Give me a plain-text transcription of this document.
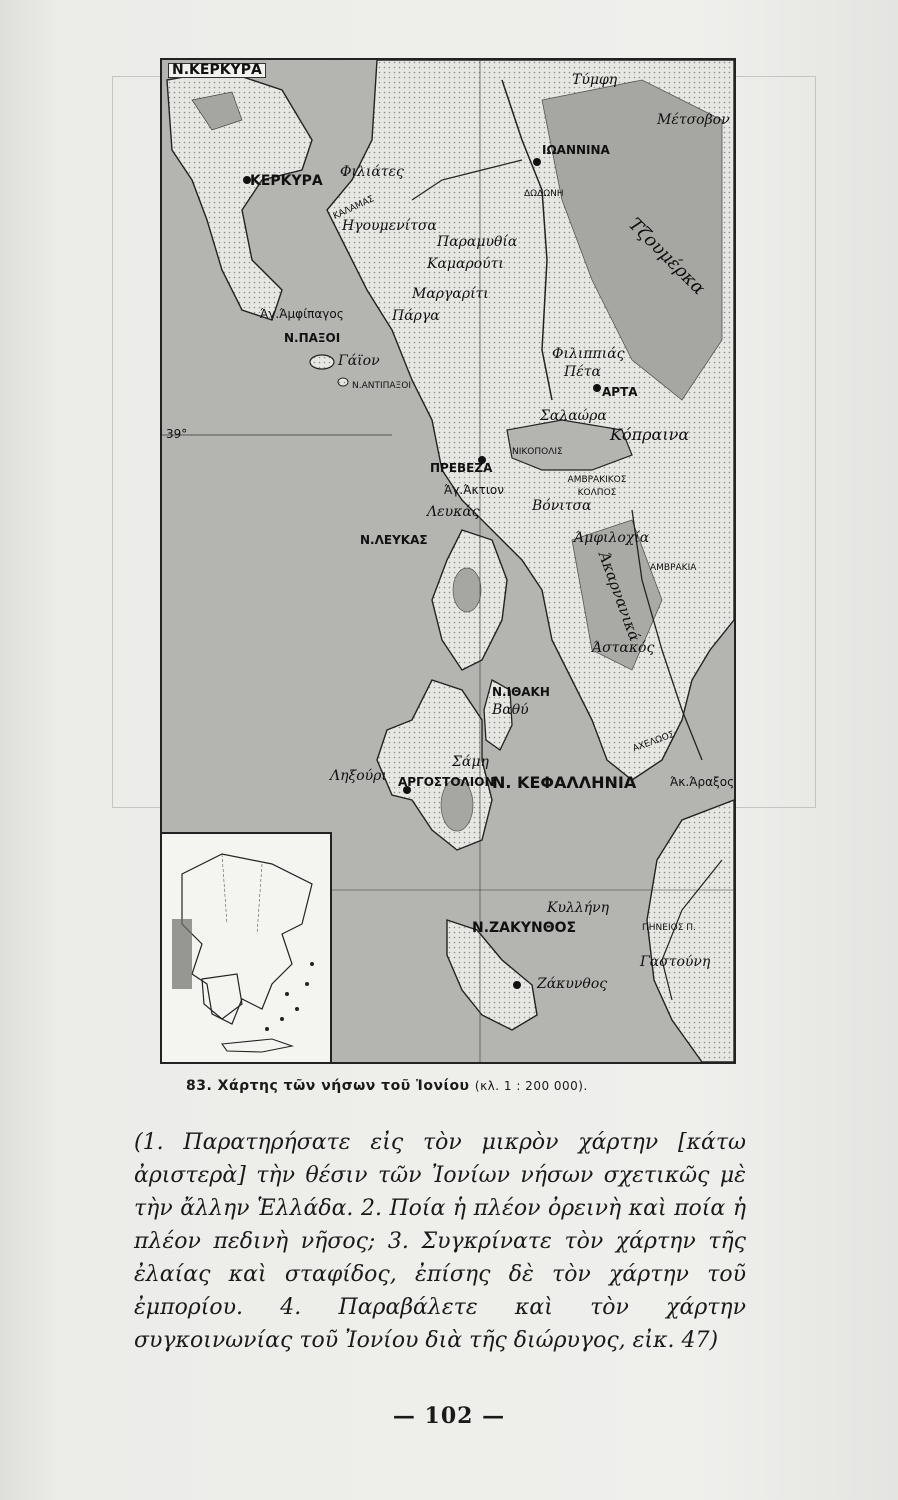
Ν.ΚΕΡΚΥΡΑ
ΚΕΡΚΥΡΑ
Φιλιάτες
ΚΑΛΑΜΑΣ
Ηγουμενίτσα
Παραμυθία
Καμαρούτι
Μαργαρίτι
Πάργα
Άγ.Άμφίπαγος
Ν.ΠΑΞΟΙ
Γάϊον
Ν.ΑΝΤΙΠΑΞΟΙ
ΙΩΑΝΝΙΝΑ
Τύμφη
Μέτσοβον
ΔΩΔΩΝΗ
Τζουμέρκα
Φιλιππιάς
Πέτα
ΑΡΤΑ
Σαλαώρα
Κόπραινα
ΝΙΚΟΠΟΛΙΣ
ΠΡΕΒΕΖΑ
ΑΜΒΡΑΚΙΚΟΣ ΚΟΛΠΟΣ
Άγ.Άκτιον
Βόνιτσα
Λευκάς
Ν.ΛΕΥΚΑΣ	Άμφιλοχία
Άκαρνανικά ΑΜΒΡΑΚΙΑ
Άστακός
Ν.ΙΘΑΚΗ
Βαθύ
Σάμη
Ληξούρι ΑΡΓΟΣΤΟΛΙΟΝ
Ν. ΚΕΦΑΛΛΗΝΙΑ
ΑΧΕΛΩΟΣ
Άκ.Άραξος
Κυλλήνη
Ν.ΖΑΚΥΝΘΟΣ
Ζάκυνθος
ΠΗΝΕΙΟΣ Π.
Γαστούνη
39°
83. Χάρτης τῶν νήσων τοῦ Ἰονίου (κλ. 1 : 200 000).
(1. Παρατηρήσατε εἰς τὸν μικρὸν χάρτην [κάτω ἀριστερὰ] τὴν θέσιν τῶν Ἰονίων νήσων σχετικῶς μὲ τὴν ἄλλην Ἑλλάδα. 2. Ποία ἡ πλέον ὀρεινὴ καὶ ποία ἡ πλέον πεδινὴ νῆσος; 3. Συγκρίνατε τὸν χάρτην τῆς ἐλαίας καὶ σταφίδος, ἐπίσης δὲ τὸν χάρτην τοῦ ἐμπορίου. 4. Παραβάλετε καὶ τὸν χάρτην συγκοινωνίας τοῦ Ἰονίου διὰ τῆς διώρυγος, εἰκ. 47)
— 102 —
